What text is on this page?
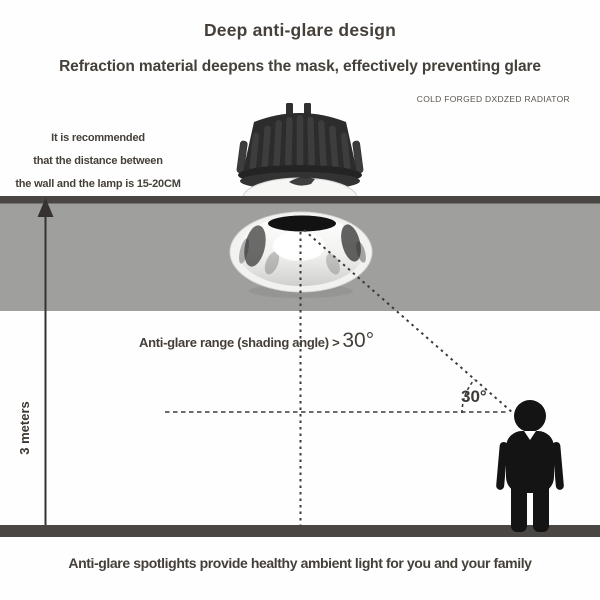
Deep anti-glare design
Refraction material deepens the mask, effectively preventing glare
COLD FORGED DXDZED RADIATOR
It is recommended
that the distance between
the wall and the lamp is 15-20CM
Anti-glare range (shading angle) > 30°
30°
3 meters
Anti-glare spotlights provide healthy ambient light for you and your family
